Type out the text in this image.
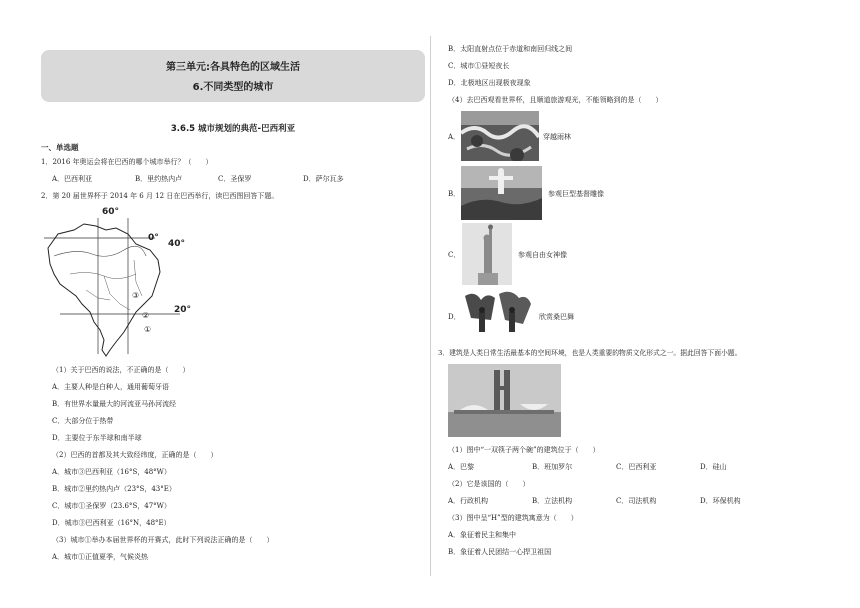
第三单元:各具特色的区域生活
6.不同类型的城市
3.6.5 城市规划的典范-巴西利亚
一、单选题
1．2016 年奥运会将在巴西的哪个城市举行？（　　）
A．巴西利亚	B．里约热内卢	C．圣保罗	D．萨尔瓦多
2．第 20 届世界杯于 2014 年 6 月 12 日在巴西举行，读巴西图回答下题。
60°
0°
40°
20°
③
②
①
（1）关于巴西的说法，不正确的是（　　）
A．主要人种是白种人，通用葡萄牙语
B．有世界水量最大的河流亚马孙河流经
C．大部分位于热带
D．主要位于东半球和南半球
（2）巴西的首都及其大致经纬度，正确的是（　　）
A．城市③巴西利亚（16°S，48°W）
B．城市②里约热内卢（23°S，43°E）
C．城市①圣保罗（23.6°S，47°W）
D．城市③巴西利亚（16°N，48°E）
（3）城市①举办本届世界杯的开赛式，此时下列说法正确的是（　　）
A．城市①正值夏季，气候炎热
B．太阳直射点位于赤道和南回归线之间
C．城市①昼短夜长
D．北极地区出现极夜现象
（4）去巴西观看世界杯，且顺道旅游观光，不能领略到的是（　　）
A．	穿越雨林
B．	参观巨型基督雕像
C．	参观自由女神像
D．	欣赏桑巴舞
3．建筑是人类日常生活最基本的空间环境，也是人类重要的物质文化形式之一。据此回答下面小题。
（1）图中“一双筷子两个碗”的建筑位于（　　）
A．巴黎	B．班加罗尔	C．巴西利亚	D．硅山
（2）它是该国的（　　）
A．行政机构	B．立法机构	C．司法机构	D．环保机构
（3）图中呈“H”型的建筑寓意为（　　）
A．象征着民主和集中
B．象征着人民团结一心捍卫祖国
